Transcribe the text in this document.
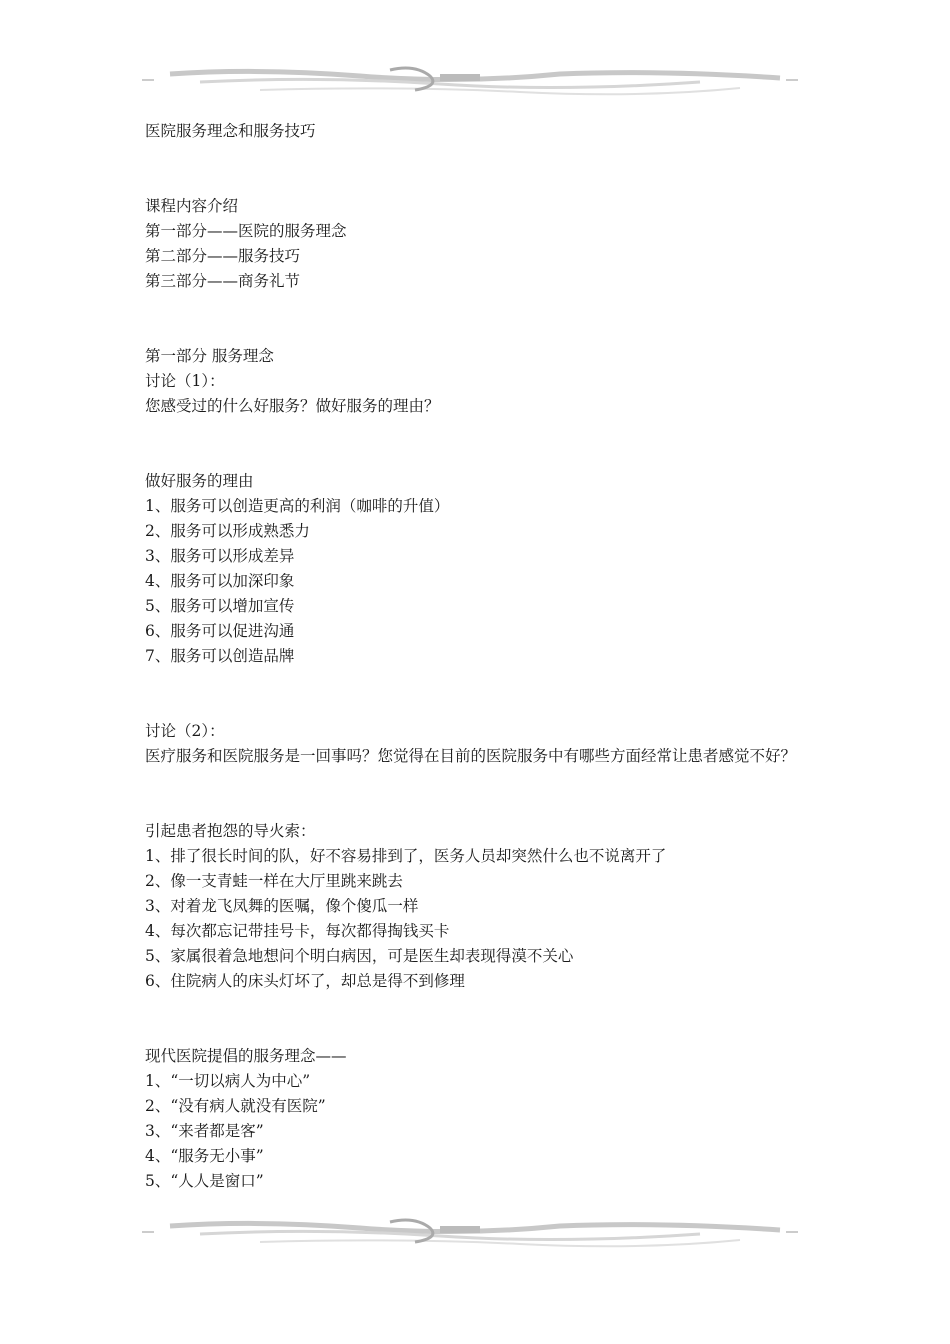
医院服务理念和服务技巧
课程内容介绍
第一部分——医院的服务理念
第二部分——服务技巧
第三部分——商务礼节
第一部分 服务理念
讨论（1）：
您感受过的什么好服务？做好服务的理由？
做好服务的理由
1、服务可以创造更高的利润（咖啡的升值）
2、服务可以形成熟悉力
3、服务可以形成差异
4、服务可以加深印象
5、服务可以增加宣传
6、服务可以促进沟通
7、服务可以创造品牌
讨论（2）：
医疗服务和医院服务是一回事吗？您觉得在目前的医院服务中有哪些方面经常让患者感觉不好？
引起患者抱怨的导火索：
1、排了很长时间的队，好不容易排到了，医务人员却突然什么也不说离开了
2、像一支青蛙一样在大厅里跳来跳去
3、对着龙飞凤舞的医嘱，像个傻瓜一样
4、每次都忘记带挂号卡，每次都得掏钱买卡
5、家属很着急地想问个明白病因，可是医生却表现得漠不关心
6、住院病人的床头灯坏了，却总是得不到修理
现代医院提倡的服务理念——
1、“一切以病人为中心”
2、“没有病人就没有医院”
3、“来者都是客”
4、“服务无小事”
5、“人人是窗口”
